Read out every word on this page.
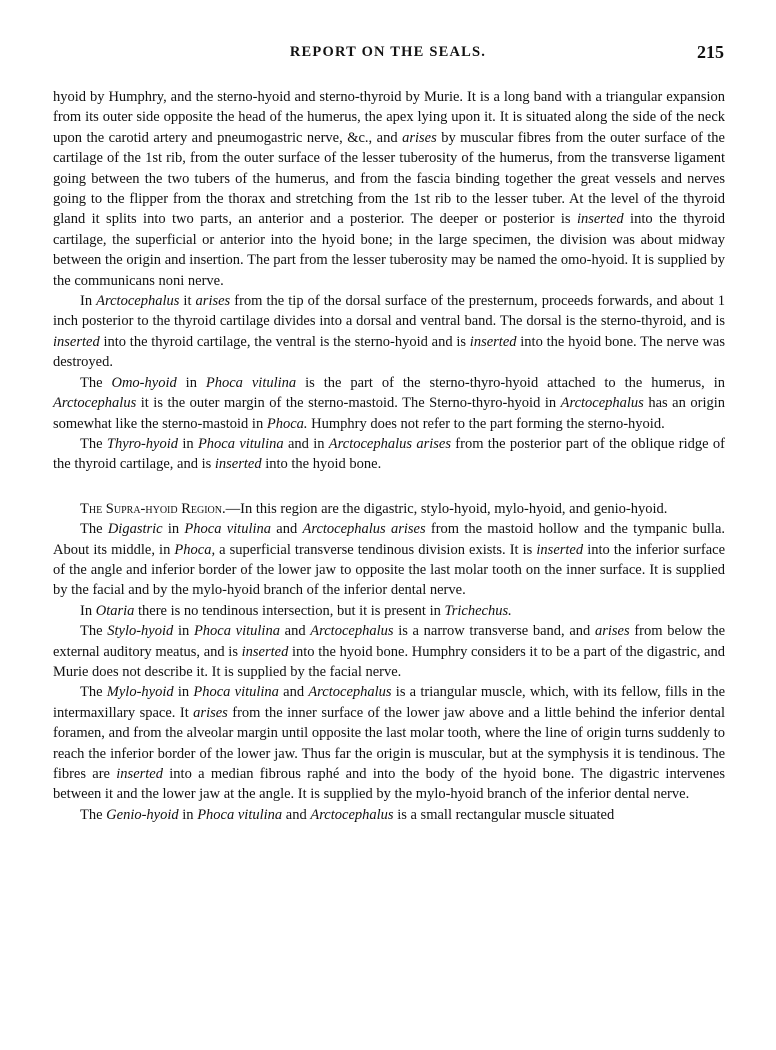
REPORT ON THE SEALS.	215

hyoid by Humphry, and the sterno-hyoid and sterno-thyroid by Murie. It is a long band with a triangular expansion from its outer side opposite the head of the humerus, the apex lying upon it. It is situated along the side of the neck upon the carotid artery and pneumogastric nerve, &c., and arises by muscular fibres from the outer surface of the cartilage of the 1st rib, from the outer surface of the lesser tuberosity of the humerus, from the transverse ligament going between the two tubers of the humerus, and from the fascia binding together the great vessels and nerves going to the flipper from the thorax and stretching from the 1st rib to the lesser tuber. At the level of the thyroid gland it splits into two parts, an anterior and a posterior. The deeper or posterior is inserted into the thyroid cartilage, the superficial or anterior into the hyoid bone; in the large specimen, the division was about midway between the origin and insertion. The part from the lesser tuberosity may be named the omo-hyoid. It is supplied by the communicans noni nerve.

In Arctocephalus it arises from the tip of the dorsal surface of the presternum, proceeds forwards, and about 1 inch posterior to the thyroid cartilage divides into a dorsal and ventral band. The dorsal is the sterno-thyroid, and is inserted into the thyroid cartilage, the ventral is the sterno-hyoid and is inserted into the hyoid bone. The nerve was destroyed.

The Omo-hyoid in Phoca vitulina is the part of the sterno-thyro-hyoid attached to the humerus, in Arctocephalus it is the outer margin of the sterno-mastoid. The Sterno-thyro-hyoid in Arctocephalus has an origin somewhat like the sterno-mastoid in Phoca. Humphry does not refer to the part forming the sterno-hyoid.

The Thyro-hyoid in Phoca vitulina and in Arctocephalus arises from the posterior part of the oblique ridge of the thyroid cartilage, and is inserted into the hyoid bone.

The Supra-hyoid Region.—In this region are the digastric, stylo-hyoid, mylo-hyoid, and genio-hyoid.

The Digastric in Phoca vitulina and Arctocephalus arises from the mastoid hollow and the tympanic bulla. About its middle, in Phoca, a superficial transverse tendinous division exists. It is inserted into the inferior surface of the angle and inferior border of the lower jaw to opposite the last molar tooth on the inner surface. It is supplied by the facial and by the mylo-hyoid branch of the inferior dental nerve.

In Otaria there is no tendinous intersection, but it is present in Trichechus.

The Stylo-hyoid in Phoca vitulina and Arctocephalus is a narrow transverse band, and arises from below the external auditory meatus, and is inserted into the hyoid bone. Humphry considers it to be a part of the digastric, and Murie does not describe it. It is supplied by the facial nerve.

The Mylo-hyoid in Phoca vitulina and Arctocephalus is a triangular muscle, which, with its fellow, fills in the intermaxillary space. It arises from the inner surface of the lower jaw above and a little behind the inferior dental foramen, and from the alveolar margin until opposite the last molar tooth, where the line of origin turns suddenly to reach the inferior border of the lower jaw. Thus far the origin is muscular, but at the symphysis it is tendinous. The fibres are inserted into a median fibrous raphé and into the body of the hyoid bone. The digastric intervenes between it and the lower jaw at the angle. It is supplied by the mylo-hyoid branch of the inferior dental nerve.

The Genio-hyoid in Phoca vitulina and Arctocephalus is a small rectangular muscle situated
